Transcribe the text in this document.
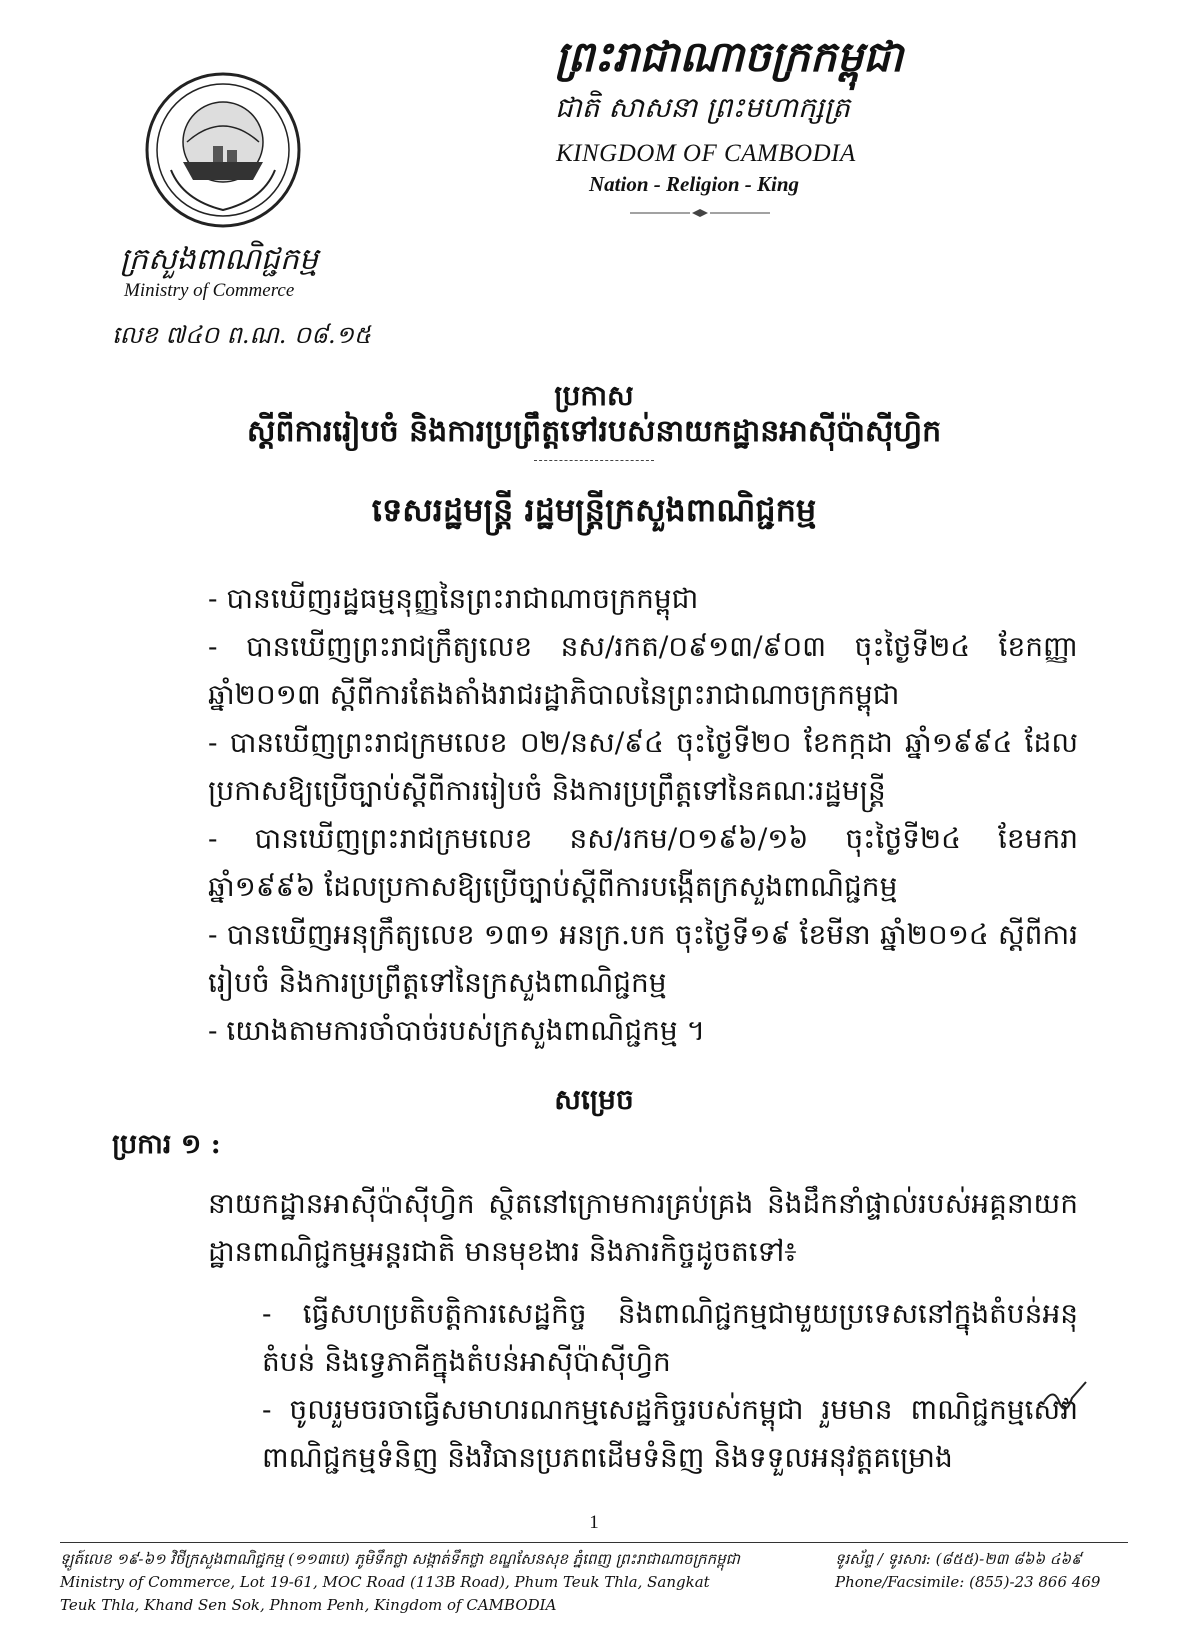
ក្រសួងពាណិជ្ជកម្ម
Ministry of Commerce
លេខ ៧៤០ ព.ណ. ០៨.១៥
ព្រះរាជាណាចក្រកម្ពុជា
ជាតិ សាសនា ព្រះមហាក្សត្រ
KINGDOM OF CAMBODIA
Nation - Religion - King
ប្រកាស
ស្តីពីការរៀបចំ និងការប្រព្រឹត្តទៅរបស់នាយកដ្ឋានអាស៊ីប៉ាស៊ីហ្វិក
ទេសរដ្ឋមន្ត្រី រដ្ឋមន្ត្រីក្រសួងពាណិជ្ជកម្ម
- បានឃើញរដ្ឋធម្មនុញ្ញនៃព្រះរាជាណាចក្រកម្ពុជា
- បានឃើញព្រះរាជក្រឹត្យលេខ នស/រកត/០៩១៣/៩០៣ ចុះថ្ងៃទី២៤ ខែកញ្ញា ឆ្នាំ២០១៣ ស្តីពីការតែងតាំងរាជរដ្ឋាភិបាលនៃព្រះរាជាណាចក្រកម្ពុជា
- បានឃើញព្រះរាជក្រមលេខ ០២/នស/៩៤ ចុះថ្ងៃទី២០ ខែកក្កដា ឆ្នាំ១៩៩៤ ដែលប្រកាសឱ្យប្រើច្បាប់ស្តីពីការរៀបចំ និងការប្រព្រឹត្តទៅនៃគណៈរដ្ឋមន្ត្រី
- បានឃើញព្រះរាជក្រមលេខ នស/រកម/០១៩៦/១៦ ចុះថ្ងៃទី២៤ ខែមករា ឆ្នាំ១៩៩៦ ដែលប្រកាសឱ្យប្រើច្បាប់ស្តីពីការបង្កើតក្រសួងពាណិជ្ជកម្ម
- បានឃើញអនុក្រឹត្យលេខ ១៣១ អនក្រ.បក ចុះថ្ងៃទី១៩ ខែមីនា ឆ្នាំ២០១៤ ស្តីពីការរៀបចំ និងការប្រព្រឹត្តទៅនៃក្រសួងពាណិជ្ជកម្ម
- យោងតាមការចាំបាច់របស់ក្រសួងពាណិជ្ជកម្ម ។
សម្រេច
ប្រការ ១ :

នាយកដ្ឋានអាស៊ីប៉ាស៊ីហ្វិក ស្ថិតនៅក្រោមការគ្រប់គ្រង និងដឹកនាំផ្ទាល់របស់អគ្គនាយកដ្ឋានពាណិជ្ជកម្មអន្តរជាតិ មានមុខងារ និងភារកិច្ចដូចតទៅ៖

- ធ្វើសហប្រតិបត្តិការសេដ្ឋកិច្ច និងពាណិជ្ជកម្មជាមួយប្រទេសនៅក្នុងតំបន់អនុតំបន់ និងទ្វេភាគីក្នុងតំបន់អាស៊ីប៉ាស៊ីហ្វិក
- ចូលរួមចរចាធ្វើសមាហរណកម្មសេដ្ឋកិច្ចរបស់កម្ពុជា រួមមាន ពាណិជ្ជកម្មសេវា ពាណិជ្ជកម្មទំនិញ និងវិធានប្រភពដើមទំនិញ និងទទួលអនុវត្តគម្រោង
1
ឡូត៍លេខ ១៩-៦១ វិថីក្រសួងពាណិជ្ជកម្ម (១១៣បេ) ភូមិទឹកថ្លា សង្កាត់ទឹកថ្លា ខណ្ឌសែនសុខ ភ្នំពេញ ព្រះរាជាណាចក្រកម្ពុជា
Ministry of Commerce, Lot 19-61, MOC Road (113B Road), Phum Teuk Thla, Sangkat
Teuk Thla, Khand Sen Sok, Phnom Penh, Kingdom of CAMBODIA
ទូរស័ព្ទ / ទូរសារ: (៨៥៥)-២៣ ៨៦៦ ៤៦៩
Phone/Facsimile: (855)-23 866 469
